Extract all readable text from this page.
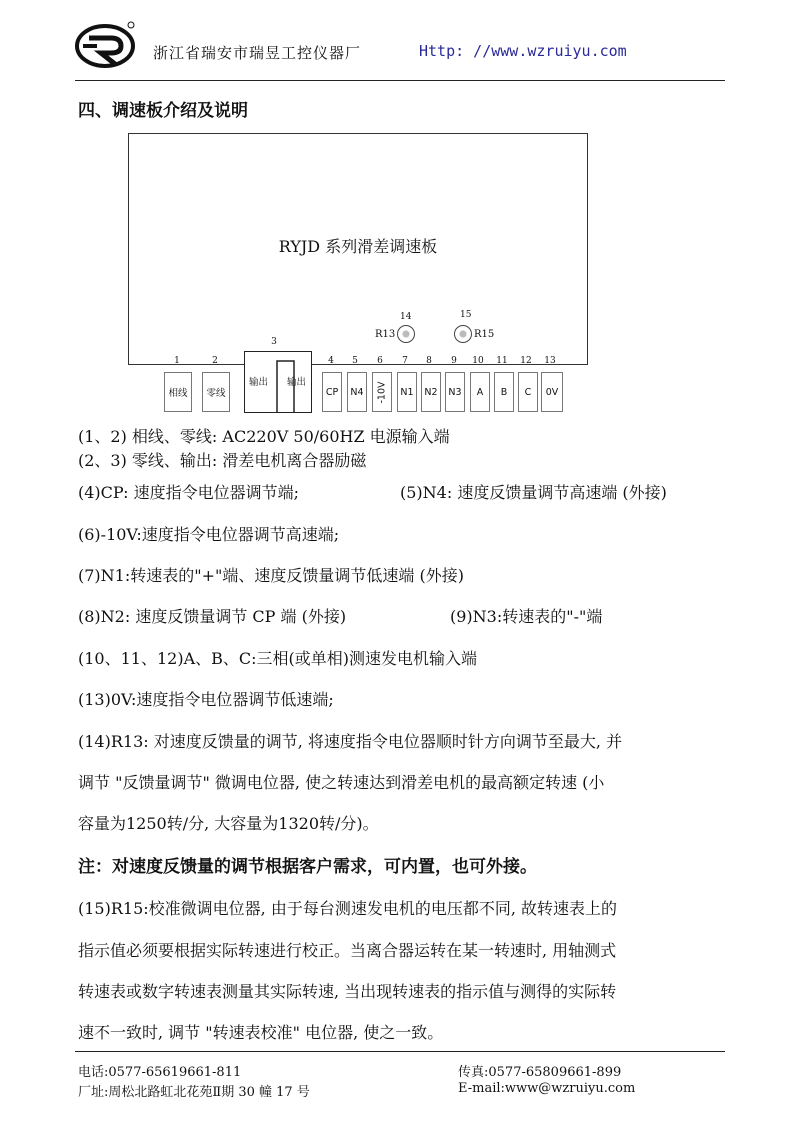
浙江省瑞安市瑞昱工控仪器厂	Http: //www.wzruiyu.com
四、调速板介绍及说明
RYJD 系列滑差调速板
14
R13
15
R15
3
输出 输出
1
相线
2
零线
4
CP
5
N4
6
-10V
7
N1
8
N2
9
N3
10
A
11
B
12
C
13
0V
(1、2) 相线、零线: AC220V 50/60HZ 电源输入端
(2、3) 零线、输出: 滑差电机离合器励磁
(4)CP: 速度指令电位器调节端;	(5)N4: 速度反馈量调节高速端 (外接)
(6)-10V:速度指令电位器调节高速端;
(7)N1:转速表的"+"端、速度反馈量调节低速端 (外接)
(8)N2: 速度反馈量调节 CP 端 (外接)	(9)N3:转速表的"-"端
(10、11、12)A、B、C:三相(或单相)测速发电机输入端
(13)0V:速度指令电位器调节低速端;
(14)R13: 对速度反馈量的调节, 将速度指令电位器顺时针方向调节至最大, 并
调节 "反馈量调节" 微调电位器, 使之转速达到滑差电机的最高额定转速 (小
容量为1250转/分, 大容量为1320转/分)。
注：对速度反馈量的调节根据客户需求，可内置，也可外接。
(15)R15:校准微调电位器, 由于每台测速发电机的电压都不同, 故转速表上的
指示值必须要根据实际转速进行校正。当离合器运转在某一转速时, 用轴测式
转速表或数字转速表测量其实际转速, 当出现转速表的指示值与测得的实际转
速不一致时, 调节 "转速表校准" 电位器, 使之一致。
电话:0577-65619661-811	传真:0577-65809661-899
厂址:周松北路虹北花苑Ⅱ期 30 幢 17 号	E-mail:www@wzruiyu.com
